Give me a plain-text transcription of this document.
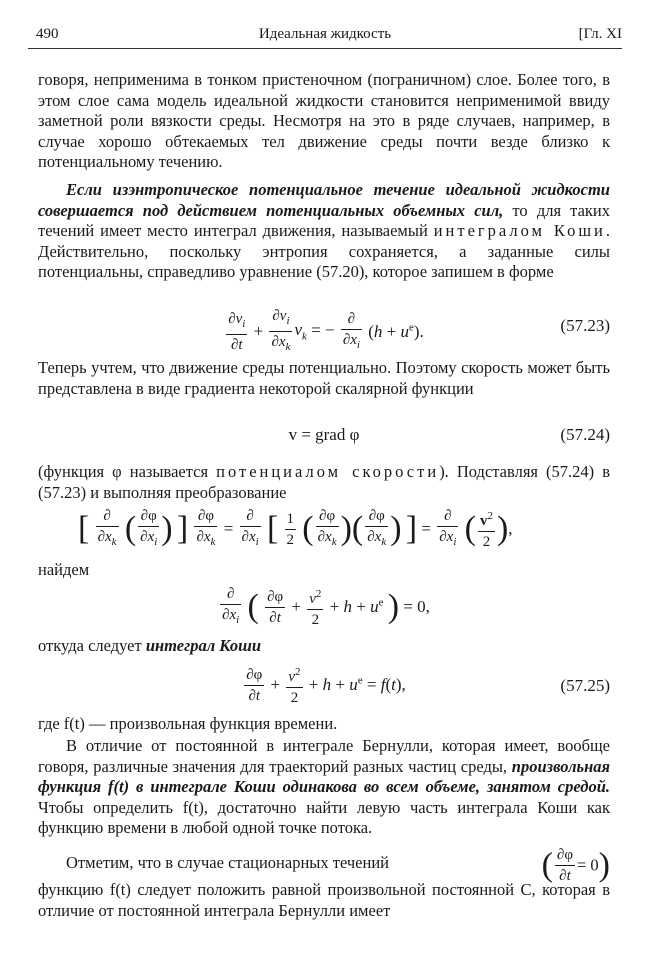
490	Идеальная жидкость	[Гл. XI
говоря, неприменима в тонком пристеночном (пограничном) слое. Более того, в этом слое сама модель идеальной жидкости становится неприменимой ввиду заметной роли вязкости среды. Несмотря на это в ряде случаев, например, в случае хорошо обтекаемых тел движение среды почти везде близко к потенциальному течению.
Если изэнтропическое потенциальное течение идеальной жидкости совершается под действием потенциальных объемных сил, то для таких течений имеет место интеграл движения, называемый интегралом Коши. Действительно, поскольку энтропия сохраняется, а заданные силы потенциальны, справедливо уравнение (57.20), которое запишем в форме
$\frac{\partial v_i}{\partial t} + \frac{\partial v_i}{\partial x_k} v_k$ = − $\frac{\partial}{\partial x_i} (h + u^e)$.	(57.23)
Теперь учтем, что движение среды потенциально. Поэтому скорость может быть представлена в виде градиента некоторой скалярной функции
v = grad φ	(57.24)
(функция φ называется потенциалом скорости). Подставляя (57.24) в (57.23) и выполняя преобразование
[ $\frac{\partial}{\partial x_k}$ ( $\frac{\partial\varphi}{\partial x_i}$ ) ] $\frac{\partial\varphi}{\partial x_k} = \frac{\partial}{\partial x_i}$ [ $\frac{1}{2}$ ( $\frac{\partial\varphi}{\partial x_k}$ )( $\frac{\partial\varphi}{\partial x_k}$ ) ] = $\frac{\partial}{\partial x_i}$ ( $\frac{v^2}{2}$ ),
найдем
$\frac{\partial}{\partial x_i}$ ( $\frac{\partial\varphi}{\partial t} + \frac{v^2}{2} + h + u^e$ ) = 0,
откуда следует интеграл Коши
$\frac{\partial\varphi}{\partial t} + \frac{v^2}{2} + h + u^e = f(t)$,	(57.25)
где f(t) — произвольная функция времени.
В отличие от постоянной в интеграле Бернулли, которая имеет, вообще говоря, различные значения для траекторий разных частиц среды, произвольная функция f(t) в интеграле Коши одинакова во всем объеме, занятом средой. Чтобы определить f(t), достаточно найти левую часть интеграла Коши как функцию времени в любой одной точке потока.
Отметим, что в случае стационарных течений	( $\frac{\partial\varphi}{\partial t} = 0$)
функцию f(t) следует положить равной произвольной постоянной C, которая в отличие от постоянной интеграла Бернулли имеет
